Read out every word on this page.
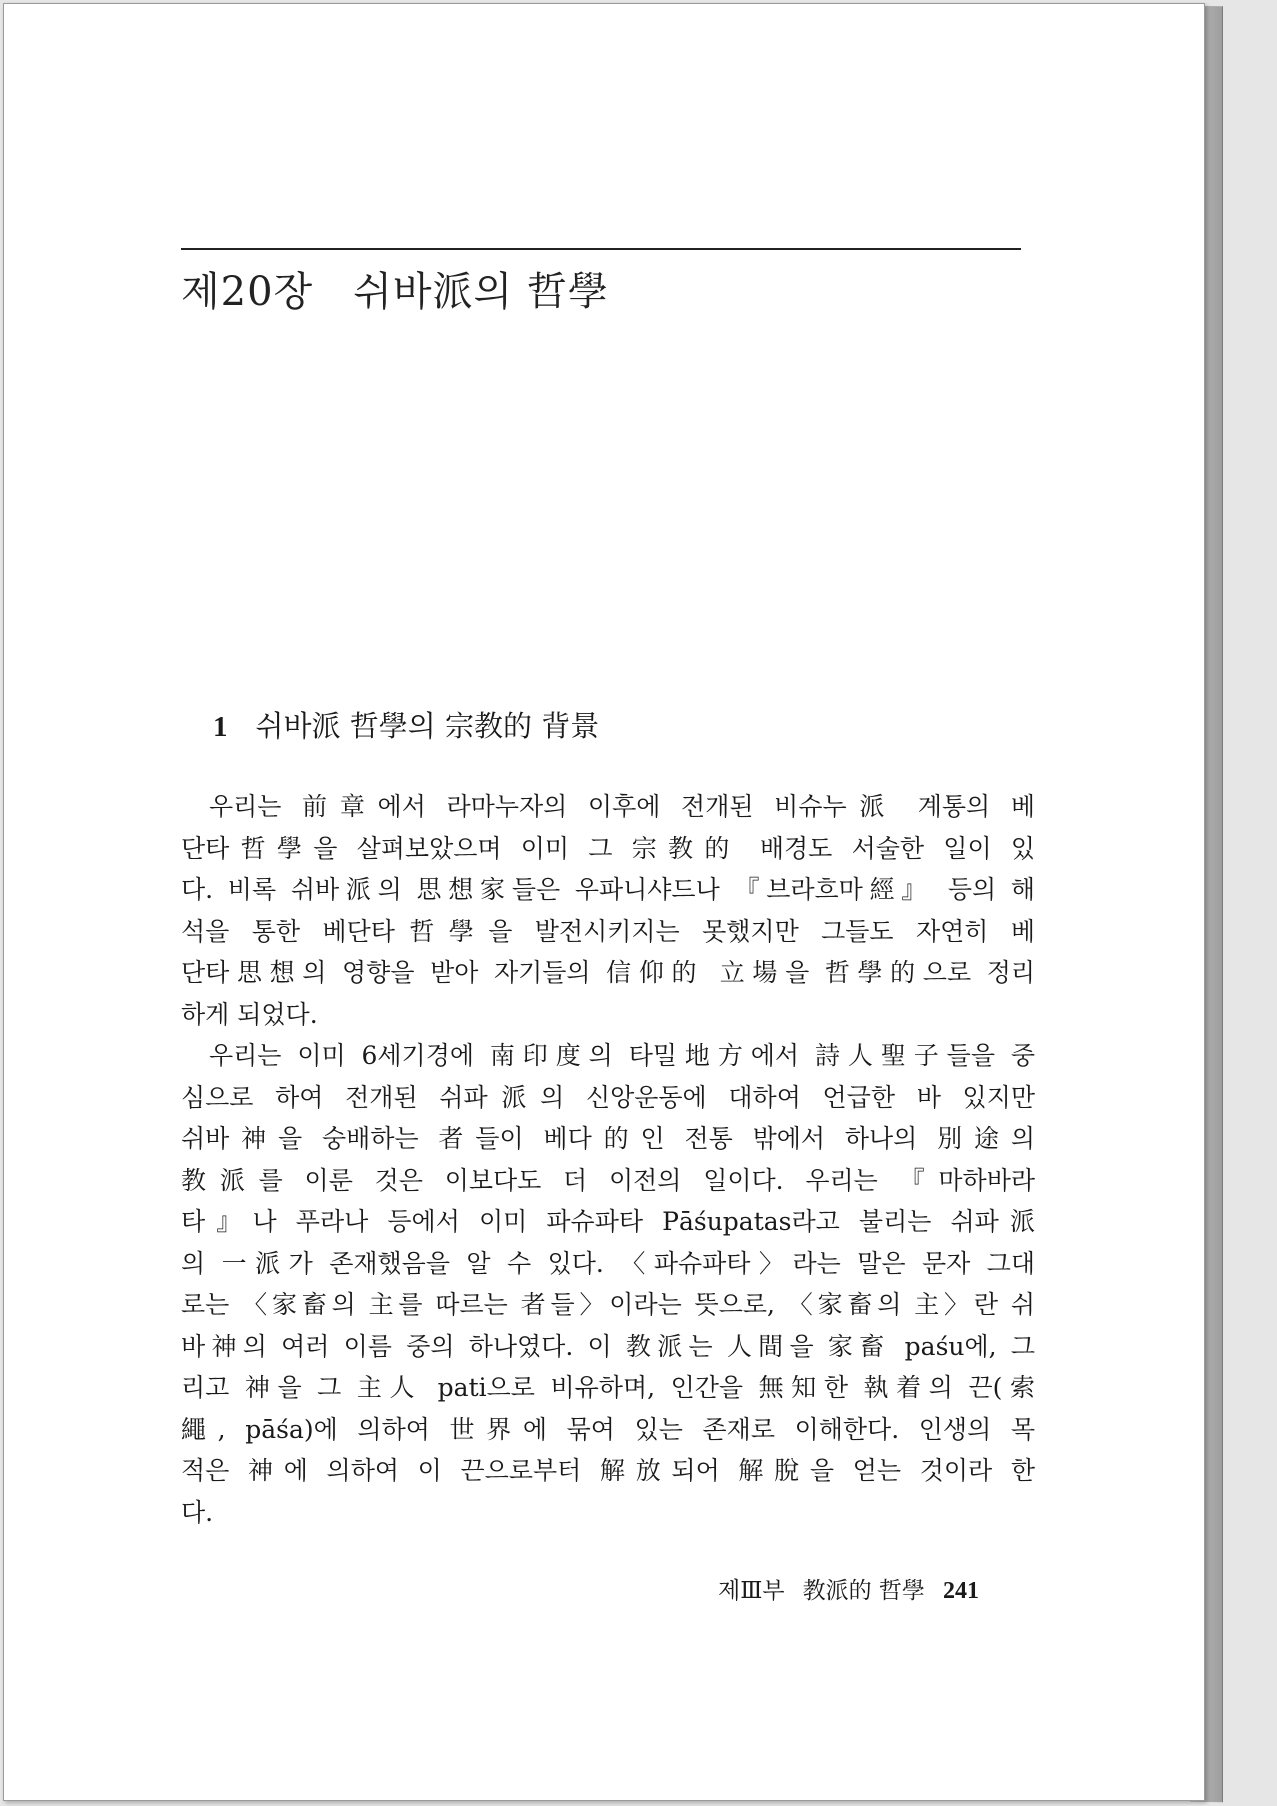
제20장 쉬바派의 哲學
1 쉬바派 哲學의 宗教的 背景
우리는 前章에서 라마누자의 이후에 전개된 비슈누派 계통의 베
단타哲學을 살펴보았으며 이미 그 宗教的 배경도 서술한 일이 있
다. 비록 쉬바派의 思想家들은 우파니샤드나 『브라흐마經』 등의 해
석을 통한 베단타哲學을 발전시키지는 못했지만 그들도 자연히 베
단타思想의 영향을 받아 자기들의 信仰的 立場을 哲學的으로 정리
하게 되었다.
우리는 이미 6세기경에 南印度의 타밀地方에서 詩人聖子들을 중
심으로 하여 전개된 쉬파派의 신앙운동에 대하여 언급한 바 있지만
쉬바神을 숭배하는 者들이 베다的인 전통 밖에서 하나의 別途의
教派를 이룬 것은 이보다도 더 이전의 일이다. 우리는 『마하바라
타』나 푸라나 등에서 이미 파슈파타 Pāśupatas라고 불리는 쉬파派
의 一派가 존재했음을 알 수 있다. 〈파슈파타〉라는 말은 문자 그대
로는 〈家畜의 主를 따르는 者들〉이라는 뜻으로, 〈家畜의 主〉란 쉬
바神의 여러 이름 중의 하나였다. 이 教派는 人間을 家畜 paśu에, 그
리고 神을 그 主人 pati으로 비유하며, 인간을 無知한 執着의 끈(索
繩, pāśa)에 의하여 世界에 묶여 있는 존재로 이해한다. 인생의 목
적은 神에 의하여 이 끈으로부터 解放되어 解脫을 얻는 것이라 한
다.
제Ⅲ부 教派的 哲學 241
